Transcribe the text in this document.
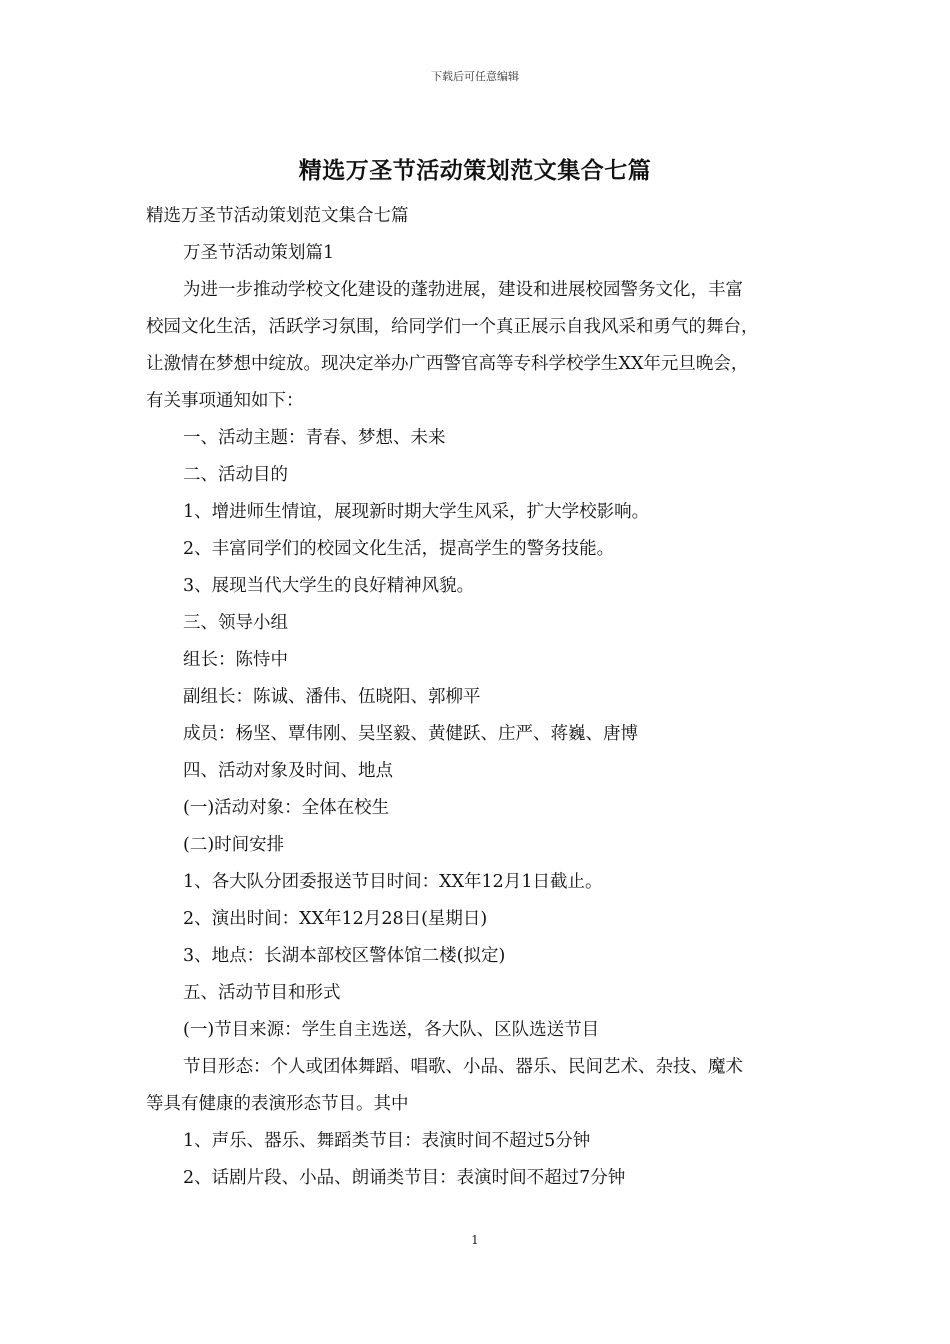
下载后可任意编辑
精选万圣节活动策划范文集合七篇
精选万圣节活动策划范文集合七篇
万圣节活动策划篇1
为进一步推动学校文化建设的蓬勃进展，建设和进展校园警务文化，丰富
校园文化生活，活跃学习氛围，给同学们一个真正展示自我风采和勇气的舞台，
让激情在梦想中绽放。现决定举办广西警官高等专科学校学生XX年元旦晚会，
有关事项通知如下：
一、活动主题：青春、梦想、未来
二、活动目的
1、增进师生情谊，展现新时期大学生风采，扩大学校影响。
2、丰富同学们的校园文化生活，提高学生的警务技能。
3、展现当代大学生的良好精神风貌。
三、领导小组
组长：陈恃中
副组长：陈诚、潘伟、伍晓阳、郭柳平
成员：杨坚、覃伟刚、吴坚毅、黄健跃、庄严、蒋巍、唐博
四、活动对象及时间、地点
(一)活动对象：全体在校生
(二)时间安排
1、各大队分团委报送节目时间：XX年12月1日截止。
2、演出时间：XX年12月28日(星期日)
3、地点：长湖本部校区警体馆二楼(拟定)
五、活动节目和形式
(一)节目来源：学生自主选送，各大队、区队选送节目
节目形态：个人或团体舞蹈、唱歌、小品、器乐、民间艺术、杂技、魔术
等具有健康的表演形态节目。其中
1、声乐、器乐、舞蹈类节目：表演时间不超过5分钟
2、话剧片段、小品、朗诵类节目：表演时间不超过7分钟
1
